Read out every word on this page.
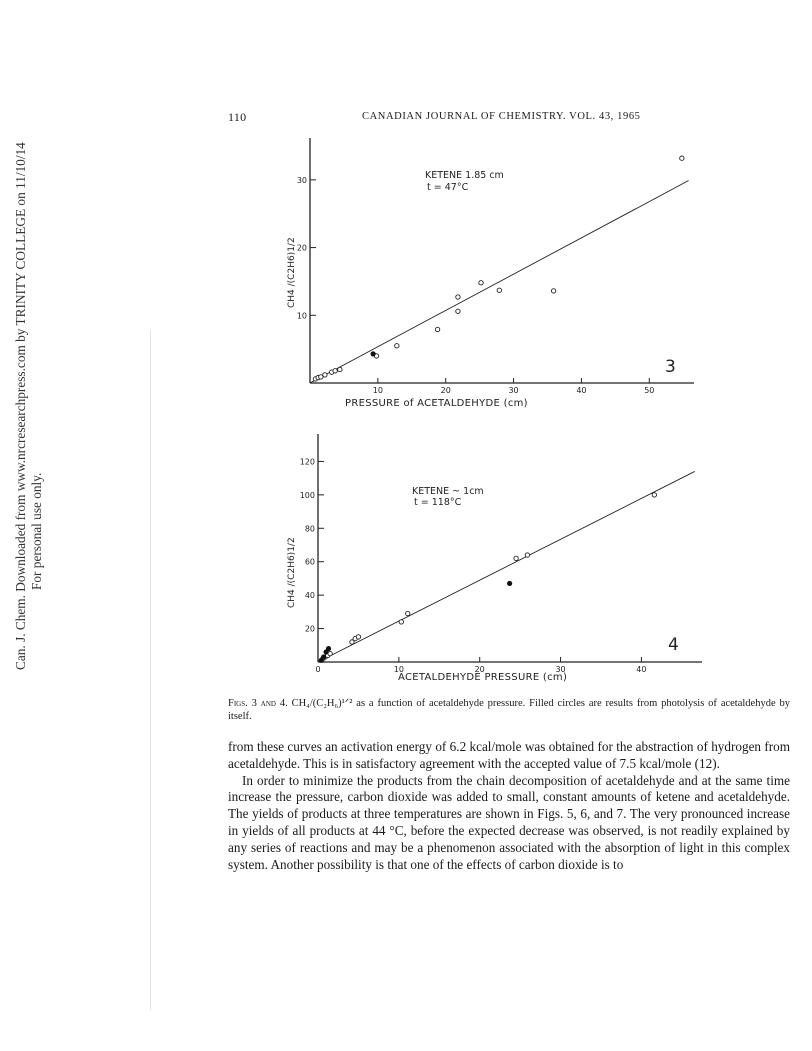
Can. J. Chem. Downloaded from www.nrcresearchpress.com by TRINITY COLLEGE on 11/10/14 For personal use only.
110	CANADIAN JOURNAL OF CHEMISTRY. VOL. 43, 1965
10	20	30	40	50
10
20
30	KETENE 1.85 cm
t = 47°C
PRESSURE of ACETALDEHYDE (cm)
CH4 /(C2H6)1/2
3
0	10	20	30	40
20
40
60
80
100
120
KETENE ~ 1cm
t = 118°C
ACETALDEHYDE PRESSURE (cm)
CH4 /(C2H6)1/2
4
Figs. 3 and 4. CH₄/(C₂H₆)¹ᐟ² as a function of acetaldehyde pressure. Filled circles are results from photolysis of acetaldehyde by itself.

from these curves an activation energy of 6.2 kcal/mole was obtained for the abstraction of hydrogen from acetaldehyde. This is in satisfactory agreement with the accepted value of 7.5 kcal/mole (12).

In order to minimize the products from the chain decomposition of acetaldehyde and at the same time increase the pressure, carbon dioxide was added to small, constant amounts of ketene and acetaldehyde. The yields of products at three temperatures are shown in Figs. 5, 6, and 7. The very pronounced increase in yields of all products at 44 °C, before the expected decrease was observed, is not readily explained by any series of reactions and may be a phenomenon associated with the absorption of light in this complex system. Another possibility is that one of the effects of carbon dioxide is to
